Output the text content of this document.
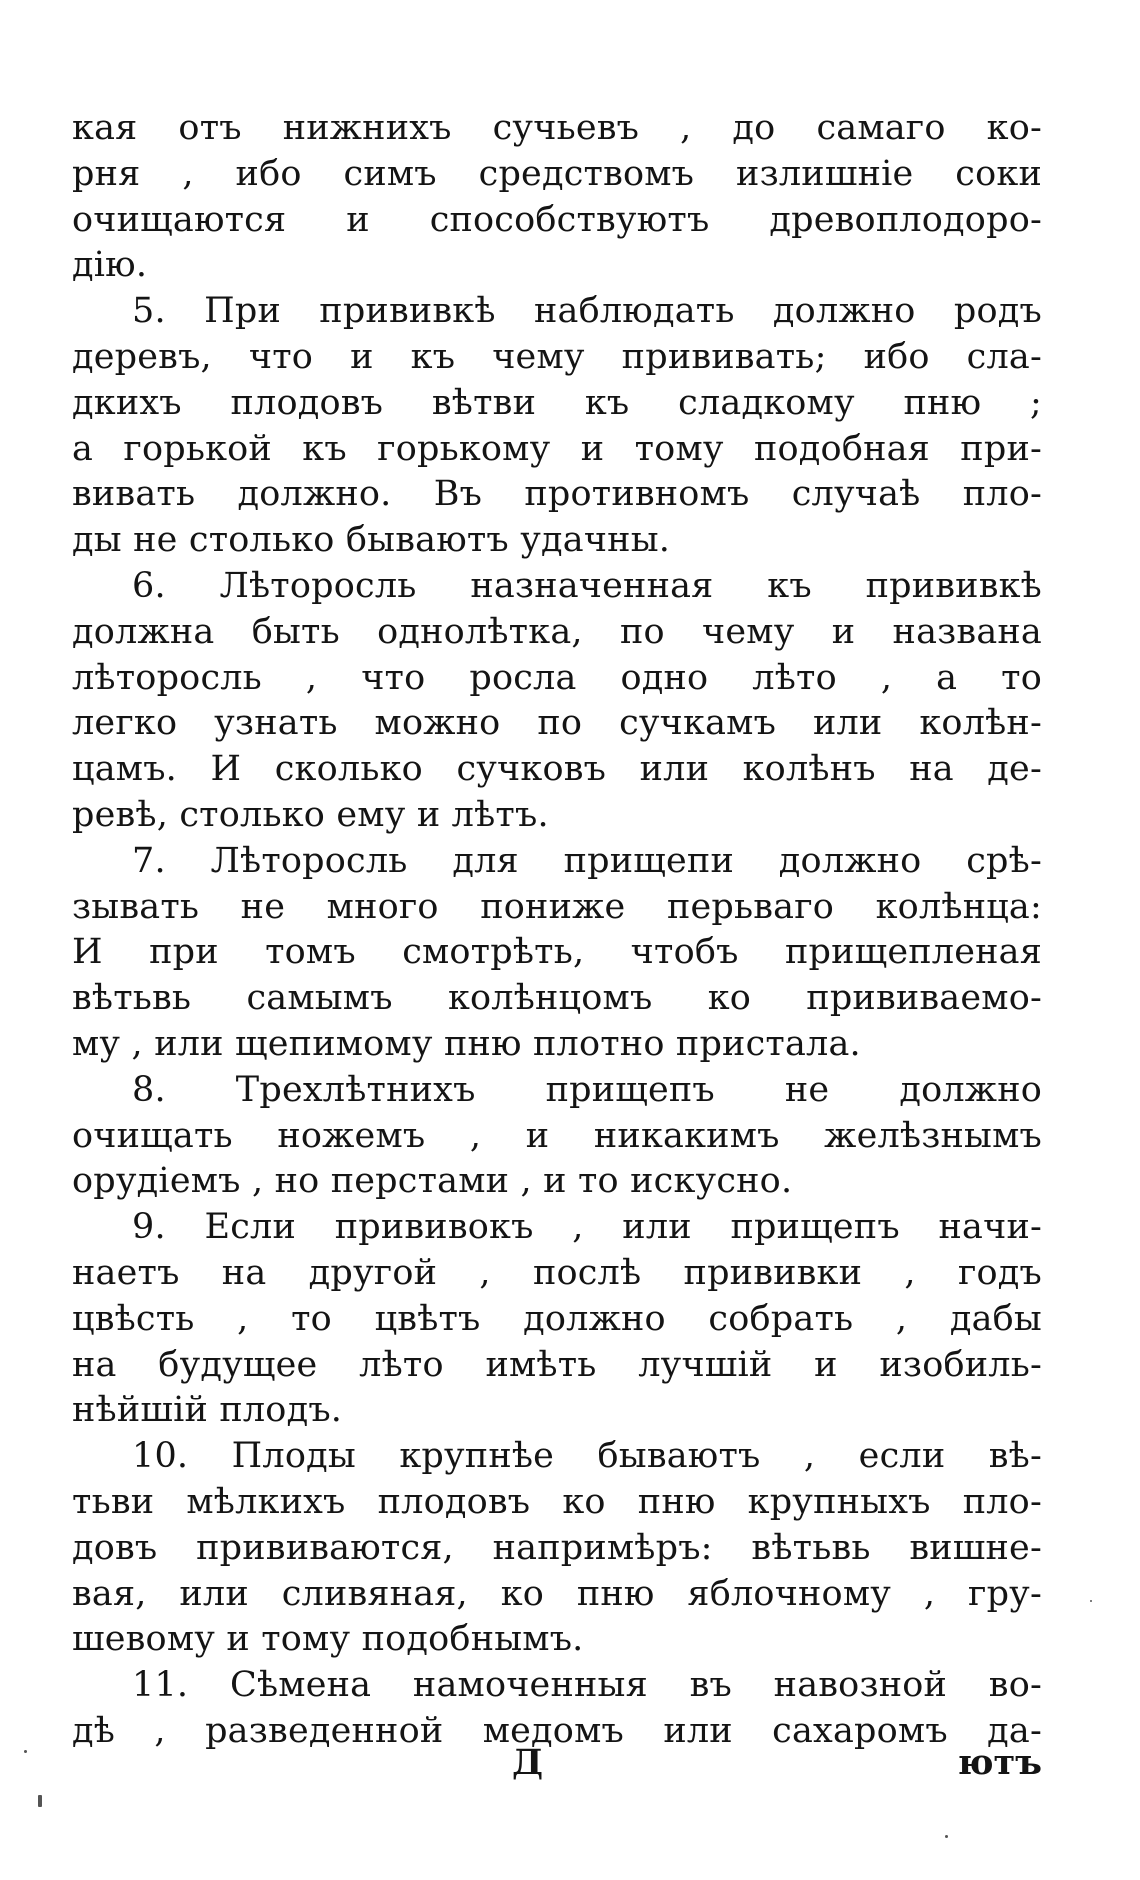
кая отъ нижнихъ сучьевъ , до самаго ко-
рня , ибо симъ средствомъ излишніе соки
очищаются и способствуютъ древоплодоро-
дію.
5. При прививкѣ наблюдать должно родъ
деревъ, что и къ чему прививать; ибо сла-
дкихъ плодовъ вѣтви къ сладкому пню ;
а горькой къ горькому и тому подобная при-
вивать должно. Въ противномъ случаѣ пло-
ды не столько бываютъ удачны.
6. Лѣторосль назначенная къ прививкѣ
должна быть однолѣтка, по чему и названа
лѣторосль , что росла одно лѣто , а то
легко узнать можно по сучкамъ или колѣн-
цамъ. И сколько сучковъ или колѣнъ на де-
ревѣ, столько ему и лѣтъ.
7. Лѣторосль для прищепи должно срѣ-
зывать не много пониже перьваго колѣнца:
И при томъ смотрѣть, чтобъ прищепленая
вѣтьвь самымъ колѣнцомъ ко прививаемо-
му , или щепимому пню плотно пристала.
8. Трехлѣтнихъ прищепъ не должно
очищать ножемъ , и никакимъ желѣзнымъ
орудіемъ , но перстами , и то искусно.
9. Если прививокъ , или прищепъ начи-
наетъ на другой , послѣ прививки , годъ
цвѣсть , то цвѣтъ должно собрать , дабы
на будущее лѣто имѣть лучшій и изобиль-
нѣйшій плодъ.
10. Плоды крупнѣе бываютъ , если вѣ-
тьви мѣлкихъ плодовъ ко пню крупныхъ пло-
довъ прививаются, напримѣръ: вѣтьвь вишне-
вая, или сливяная, ко пню яблочному , гру-
шевому и тому подобнымъ.
11. Сѣмена намоченныя въ навозной во-
дѣ , разведенной медомъ или сахаромъ да-
Д	ютъ
